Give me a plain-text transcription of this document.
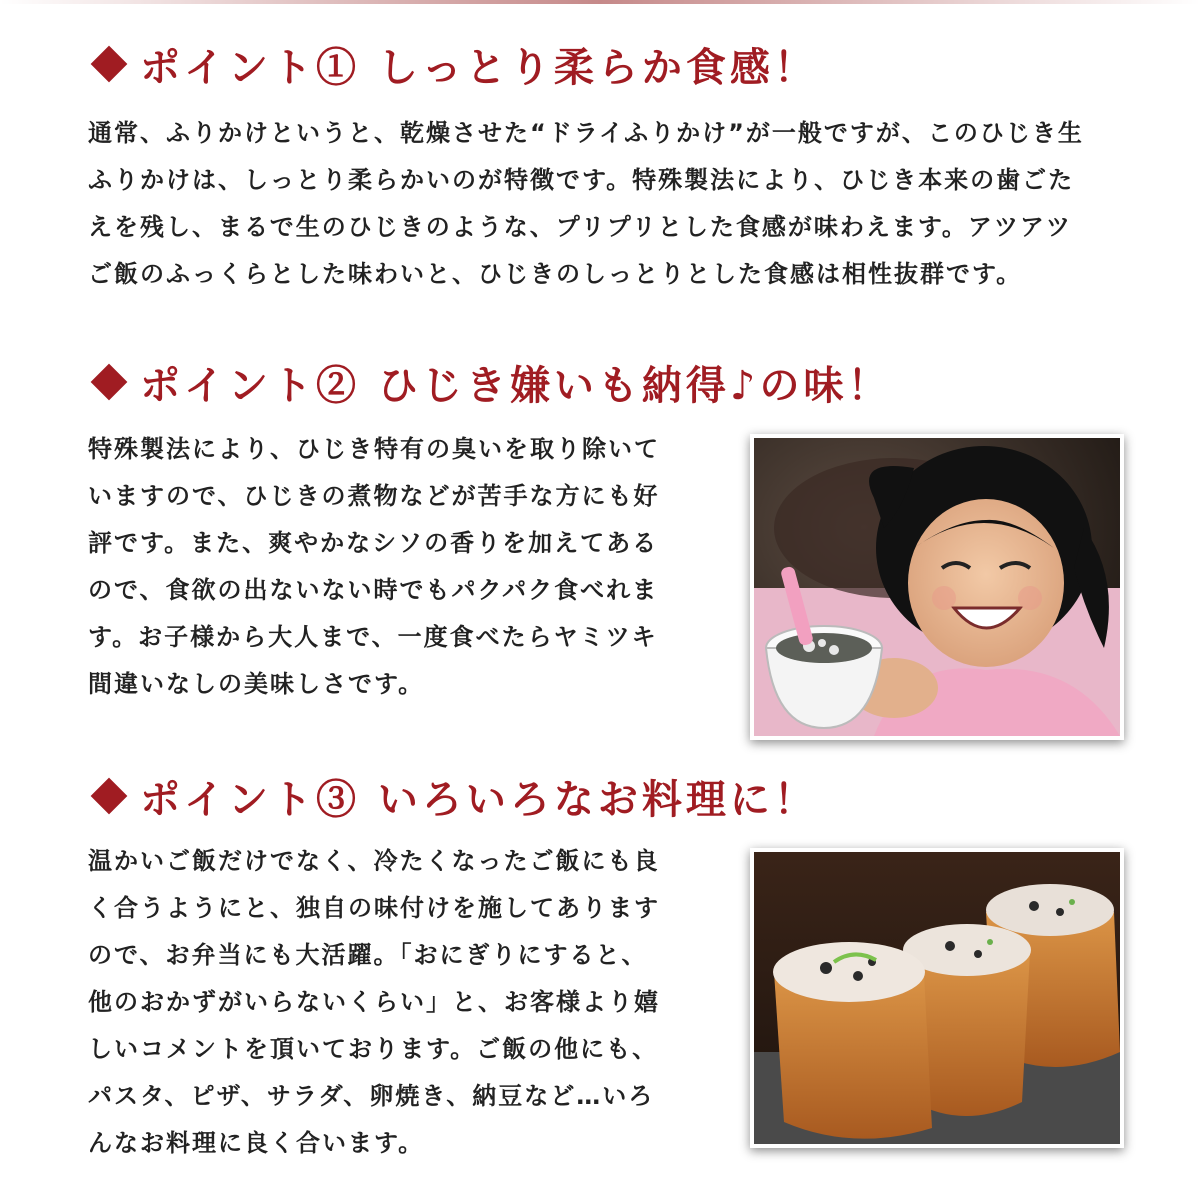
ポイント① しっとり柔らか食感！
通常、ふりかけというと、乾燥させた“ドライふりかけ”が一般ですが、このひじき生
ふりかけは、しっとり柔らかいのが特徴です。特殊製法により、ひじき本来の歯ごた
えを残し、まるで生のひじきのような、プリプリとした食感が味わえます。アツアツ
ご飯のふっくらとした味わいと、ひじきのしっとりとした食感は相性抜群です。
ポイント② ひじき嫌いも納得♪の味！
特殊製法により、ひじき特有の臭いを取り除いて
いますので、ひじきの煮物などが苦手な方にも好
評です。また、爽やかなシソの香りを加えてある
ので、食欲の出ないない時でもパクパク食べれま
す。お子様から大人まで、一度食べたらヤミツキ
間違いなしの美味しさです。
ポイント③ いろいろなお料理に！
温かいご飯だけでなく、冷たくなったご飯にも良
く合うようにと、独自の味付けを施してあります
ので、お弁当にも大活躍。「おにぎりにすると、
他のおかずがいらないくらい」と、お客様より嬉
しいコメントを頂いております。ご飯の他にも、
パスタ、ピザ、サラダ、卵焼き、納豆など…いろ
んなお料理に良く合います。
